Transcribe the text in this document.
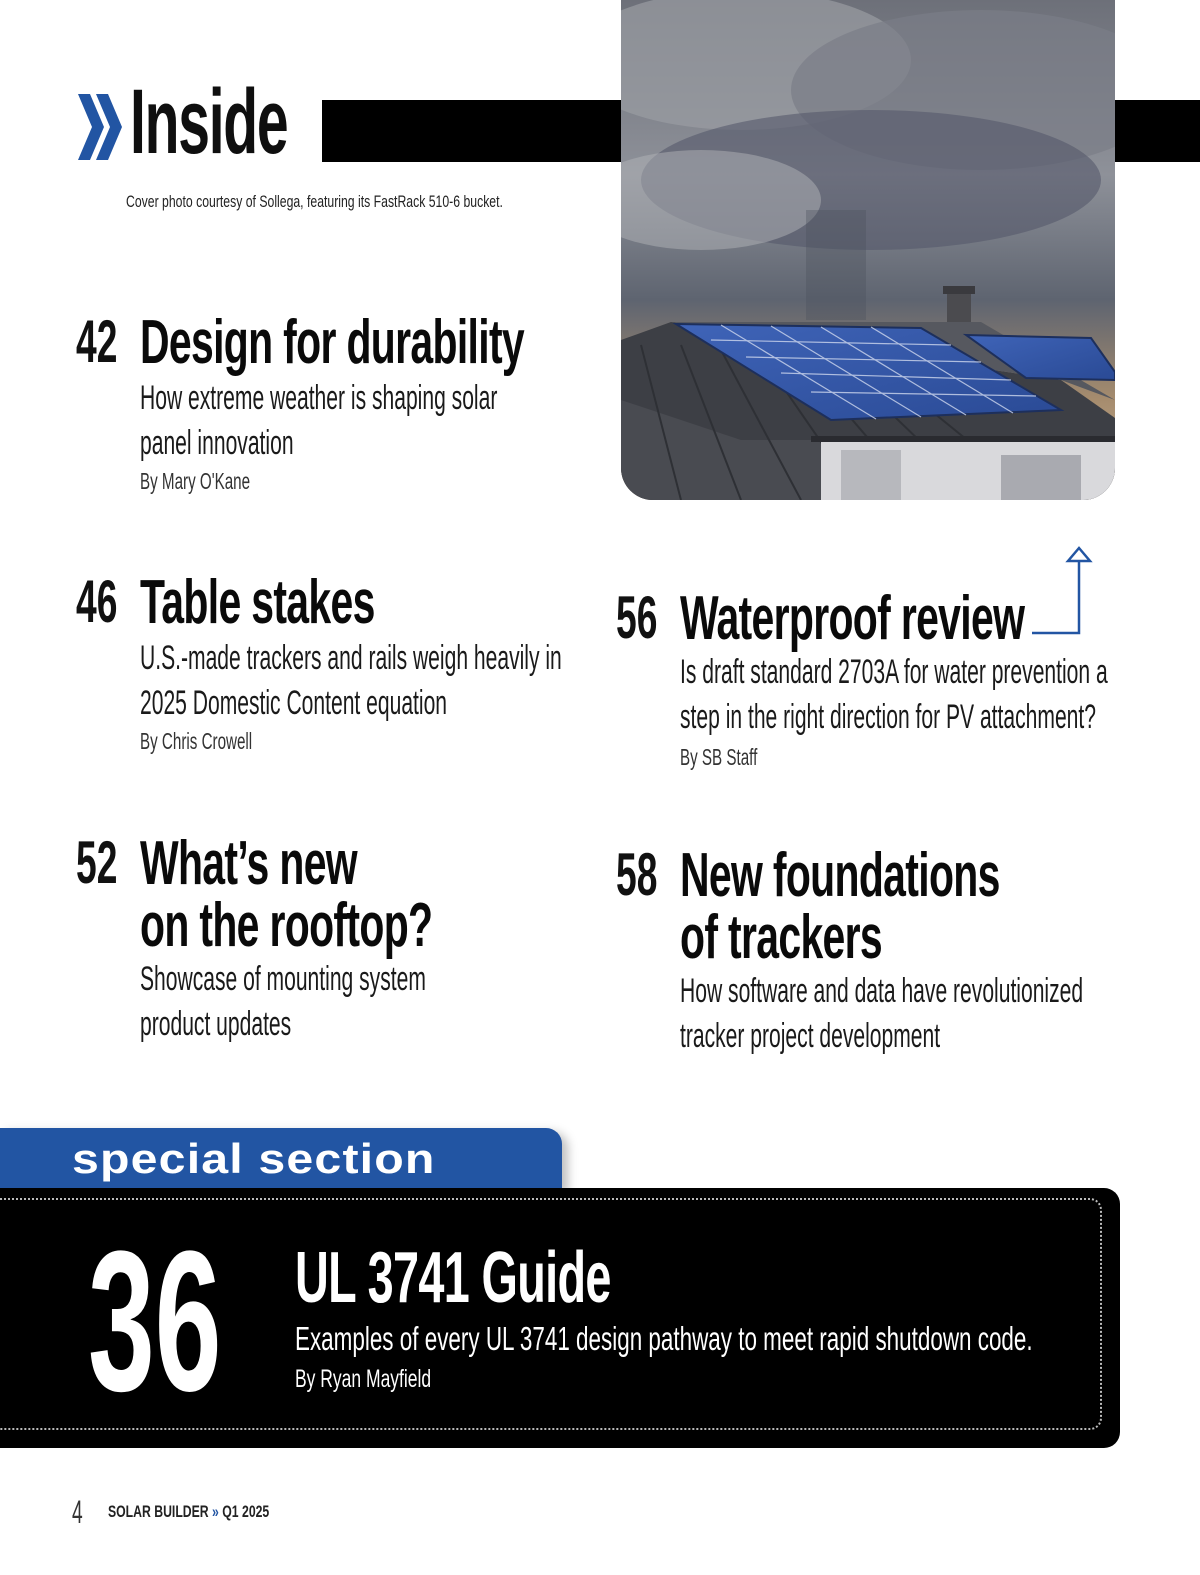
Inside
Cover photo courtesy of Sollega, featuring its FastRack 510-6 bucket.
42 Design for durability
How extreme weather is shaping solar
panel innovation
By Mary O'Kane
46 Table stakes
U.S.-made trackers and rails weigh heavily in
2025 Domestic Content equation
By Chris Crowell
52 What’s new
on the rooftop?
Showcase of mounting system
product updates
56 Waterproof review
Is draft standard 2703A for water prevention a
step in the right direction for PV attachment?
By SB Staff
58 New foundations
of trackers
How software and data have revolutionized
tracker project development
special section
36	UL 3741 Guide
Examples of every UL 3741 design pathway to meet rapid shutdown code.
By Ryan Mayfield
4	SOLAR BUILDER » Q1 2025
